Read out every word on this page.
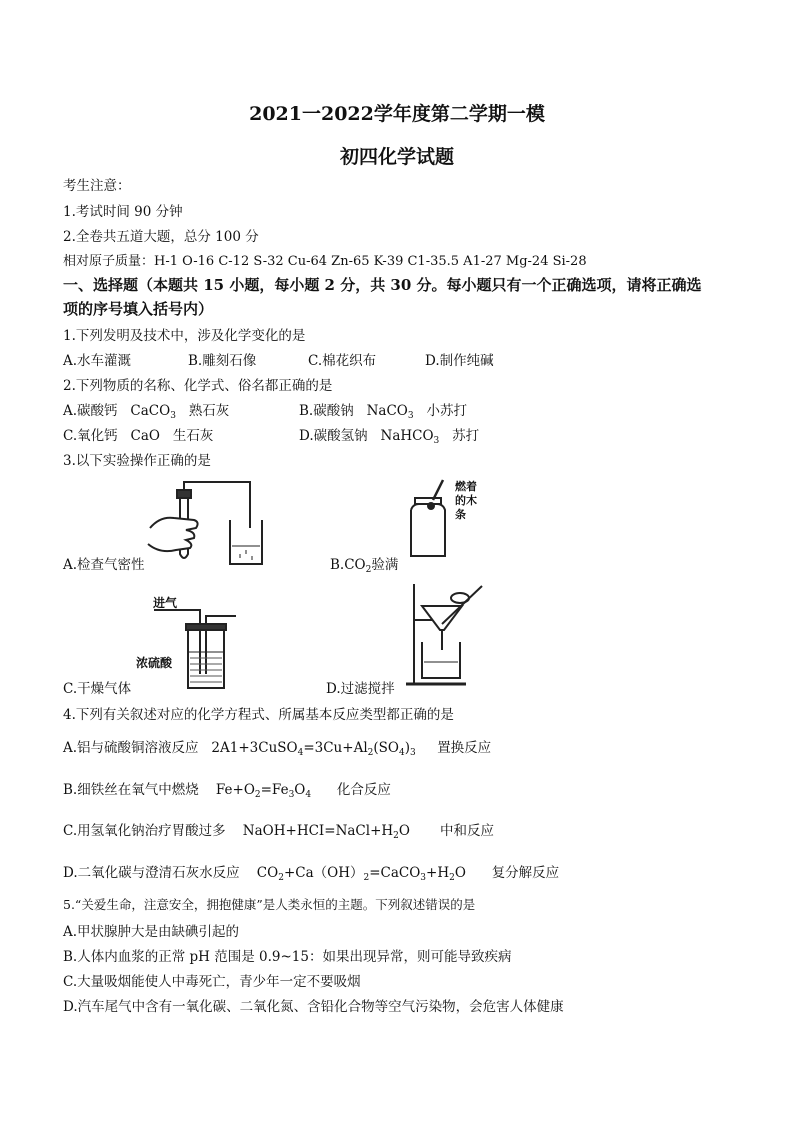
2021一2022学年度第二学期一模
初四化学试题
考生注意：
1.考试时间 90 分钟
2.全卷共五道大题，总分 100 分
相对原子质量：H-1 O-16 C-12 S-32 Cu-64 Zn-65 K-39 C1-35.5 A1-27 Mg-24 Si-28
一、选择题（本题共 15 小题，每小题 2 分，共 30 分。每小题只有一个正确选项，请将正确选
项的序号填入括号内）
1.下列发明及技术中，涉及化学变化的是
A.水车灌溉	B.雕刻石像	C.棉花织布	D.制作纯碱
2.下列物质的名称、化学式、俗名都正确的是
A.碳酸钙 CaCO$_3$ 熟石灰	B.碳酸钠 NaCO$_3$ 小苏打
C.氧化钙 CaO 生石灰	D.碳酸氢钠 NaHCO$_3$ 苏打
3.以下实验操作正确的是
A.检查气密性
燃着
的木
条
$B.CO_2$验满
进气
浓硫酸
C.干燥气体	D.过滤搅拌
4.下列有关叙述对应的化学方程式、所属基本反应类型都正确的是
A.铝与硫酸铜溶液反应   $2A1+3CuSO_4=3Cu+Al_2(SO_4)_3$ 置换反应
B.细铁丝在氧气中燃烧    $Fe+O_2=Fe_3O_4$ 化合反应
C.用氢氧化钠治疗胃酸过多    $NaOH+HCI=NaCl+H_2O$       中和反应
D.二氧化碳与澄清石灰水反应    $CO_2+Ca(OH)_2=CaCO_3+H_2O$      复分解反应
5.“关爱生命，注意安全，拥抱健康”是人类永恒的主题。下列叙述错误的是
A.甲状腺肿大是由缺碘引起的
B.人体内血浆的正常 pH 范围是 0.9~15：如果出现异常，则可能导致疾病
C.大量吸烟能使人中毒死亡，青少年一定不要吸烟
D.汽车尾气中含有一氧化碳、二氧化氮、含铅化合物等空气污染物，会危害人体健康
